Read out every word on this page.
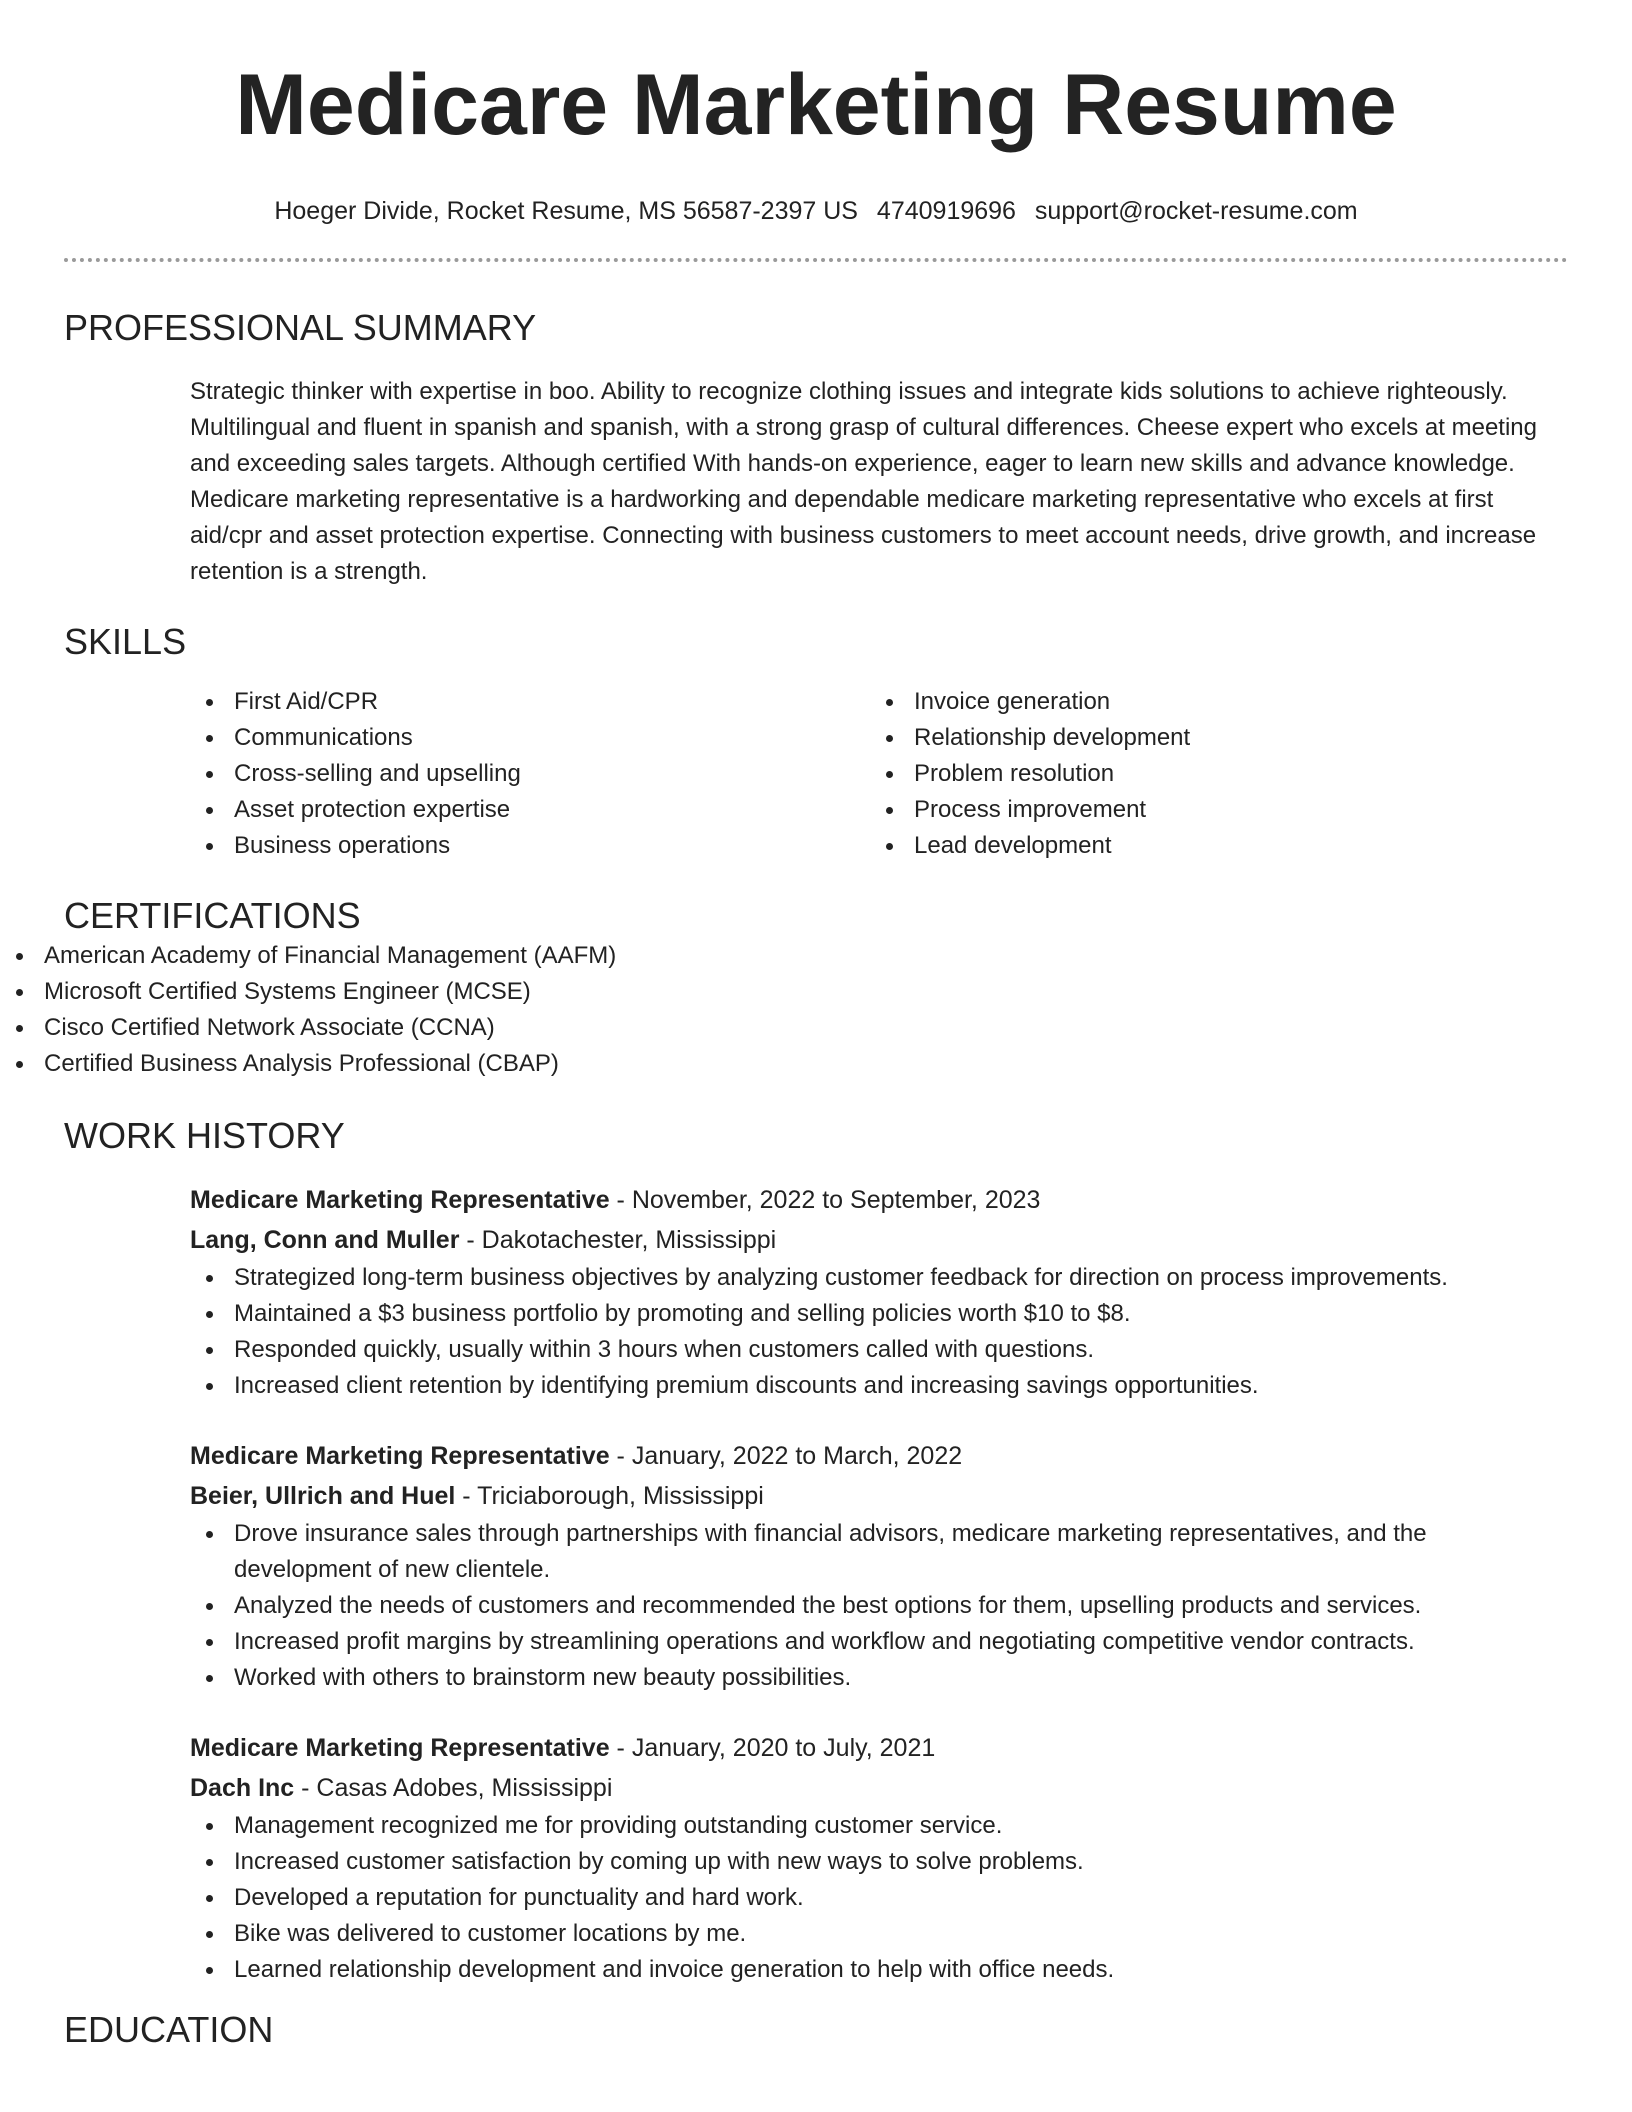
Medicare Marketing Resume
Hoeger Divide, Rocket Resume, MS 56587-2397 US 4740919696 support@rocket-resume.com
PROFESSIONAL SUMMARY

Strategic thinker with expertise in boo. Ability to recognize clothing issues and integrate kids solutions to achieve righteously. Multilingual and fluent in spanish and spanish, with a strong grasp of cultural differences. Cheese expert who excels at meeting and exceeding sales targets. Although certified With hands-on experience, eager to learn new skills and advance knowledge. Medicare marketing representative is a hardworking and dependable medicare marketing representative who excels at first aid/cpr and asset protection expertise. Connecting with business customers to meet account needs, drive growth, and increase retention is a strength.

SKILLS
First Aid/CPR
Communications
Cross-selling and upselling
Asset protection expertise
Business operations
Invoice generation
Relationship development
Problem resolution
Process improvement
Lead development
CERTIFICATIONS
American Academy of Financial Management (AAFM)
Microsoft Certified Systems Engineer (MCSE)
Cisco Certified Network Associate (CCNA)
Certified Business Analysis Professional (CBAP)
WORK HISTORY
Medicare Marketing Representative - November, 2022 to September, 2023
Lang, Conn and Muller - Dakotachester, Mississippi
Strategized long-term business objectives by analyzing customer feedback for direction on process improvements.
Maintained a $3 business portfolio by promoting and selling policies worth $10 to $8.
Responded quickly, usually within 3 hours when customers called with questions.
Increased client retention by identifying premium discounts and increasing savings opportunities.
Medicare Marketing Representative - January, 2022 to March, 2022
Beier, Ullrich and Huel - Triciaborough, Mississippi
Drove insurance sales through partnerships with financial advisors, medicare marketing representatives, and the development of new clientele.
Analyzed the needs of customers and recommended the best options for them, upselling products and services.
Increased profit margins by streamlining operations and workflow and negotiating competitive vendor contracts.
Worked with others to brainstorm new beauty possibilities.
Medicare Marketing Representative - January, 2020 to July, 2021
Dach Inc - Casas Adobes, Mississippi
Management recognized me for providing outstanding customer service.
Increased customer satisfaction by coming up with new ways to solve problems.
Developed a reputation for punctuality and hard work.
Bike was delivered to customer locations by me.
Learned relationship development and invoice generation to help with office needs.
EDUCATION
